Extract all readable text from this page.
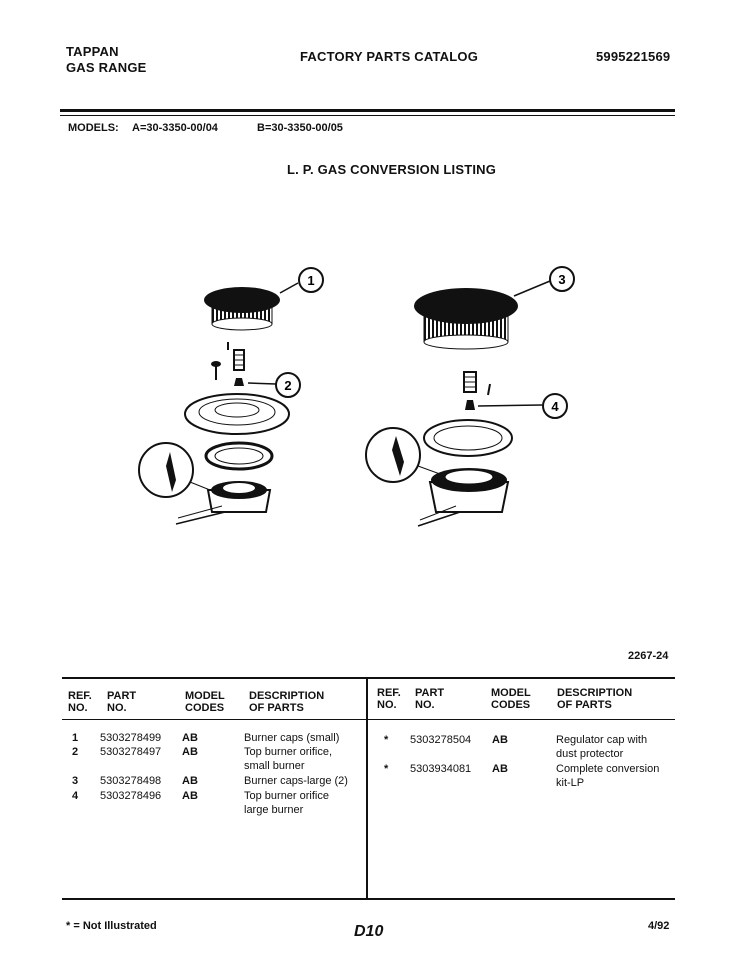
TAPPAN
GAS RANGE
FACTORY PARTS CATALOG	5995221569
MODELS: A=30-3350-00/04	B=30-3350-00/05
L. P. GAS CONVERSION LISTING
1
2
3
4
2267-24
REF.
NO.
PART
NO.
MODEL
CODES
DESCRIPTION
OF PARTS
REF.
NO.
PART
NO.
MODEL
CODES
DESCRIPTION
OF PARTS
1 5303278499 AB	Burner caps (small)
2 5303278497 AB	Top burner orifice,
small burner
3 5303278498 AB	Burner caps-large (2)
4 5303278496 AB	Top burner orifice
large burner
* 5303278504 AB	Regulator cap with
dust protector
* 5303934081 AB	Complete conversion
kit-LP
* = Not Illustrated	D10	4/92
